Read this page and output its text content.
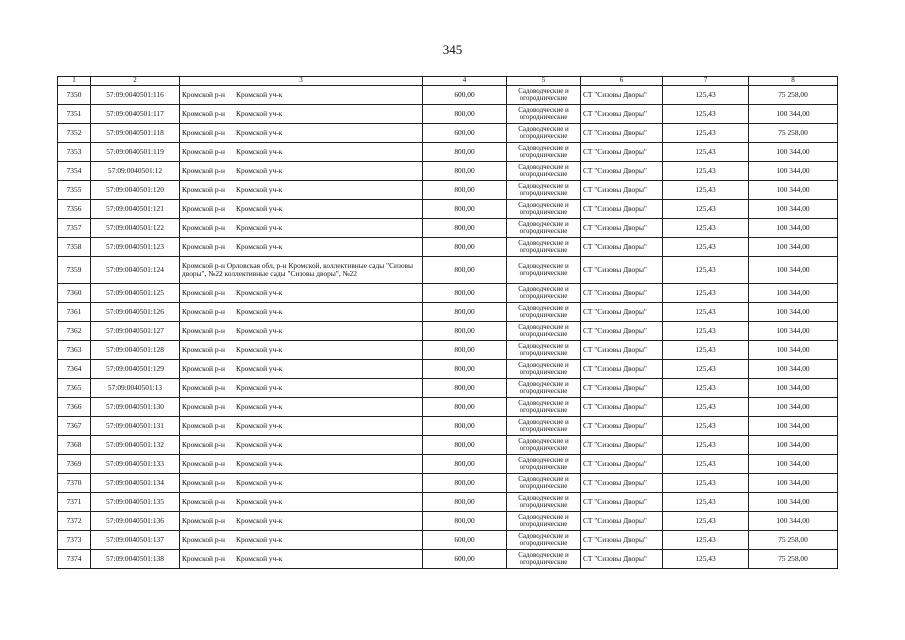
345
1	2	3	4	5	6	7	8
7350	57:09:0040501:116	Кромской р-н      Кромской уч-к	600,00	Садоводческие и огороднические	СТ "Сизовы Дворы"	125,43	75 258,00
7351	57:09:0040501:117	Кромской р-н      Кромской уч-к	800,00	Садоводческие и огороднические	СТ "Сизовы Дворы"	125,43	100 344,00
7352	57:09:0040501:118	Кромской р-н      Кромской уч-к	600,00	Садоводческие и огороднические	СТ "Сизовы Дворы"	125,43	75 258,00
7353	57:09:0040501:119	Кромской р-н      Кромской уч-к	800,00	Садоводческие и огороднические	СТ "Сизовы Дворы"	125,43	100 344,00
7354	57:09:0040501:12	Кромской р-н      Кромской уч-к	800,00	Садоводческие и огороднические	СТ "Сизовы Дворы"	125,43	100 344,00
7355	57:09:0040501:120	Кромской р-н      Кромской уч-к	800,00	Садоводческие и огороднические	СТ "Сизовы Дворы"	125,43	100 344,00
7356	57:09:0040501:121	Кромской р-н      Кромской уч-к	800,00	Садоводческие и огороднические	СТ "Сизовы Дворы"	125,43	100 344,00
7357	57:09:0040501:122	Кромской р-н      Кромской уч-к	800,00	Садоводческие и огороднические	СТ "Сизовы Дворы"	125,43	100 344,00
7358	57:09:0040501:123	Кромской р-н      Кромской уч-к	800,00	Садоводческие и огороднические	СТ "Сизовы Дворы"	125,43	100 344,00
7359	57:09:0040501:124	Кромской р-н Орловская обл, р-н Кромской, коллективные сады "Сизовы дворы", №22 коллективные сады "Сизовы дворы", №22	800,00	Садоводческие и огороднические	СТ "Сизовы Дворы"	125,43	100 344,00
7360	57:09:0040501:125	Кромской р-н      Кромской уч-к	800,00	Садоводческие и огороднические	СТ "Сизовы Дворы"	125,43	100 344,00
7361	57:09:0040501:126	Кромской р-н      Кромской уч-к	800,00	Садоводческие и огороднические	СТ "Сизовы Дворы"	125,43	100 344,00
7362	57:09:0040501:127	Кромской р-н      Кромской уч-к	800,00	Садоводческие и огороднические	СТ "Сизовы Дворы"	125,43	100 344,00
7363	57:09:0040501:128	Кромской р-н      Кромской уч-к	800,00	Садоводческие и огороднические	СТ "Сизовы Дворы"	125,43	100 344,00
7364	57:09:0040501:129	Кромской р-н      Кромской уч-к	800,00	Садоводческие и огороднические	СТ "Сизовы Дворы"	125,43	100 344,00
7365	57:09:0040501:13	Кромской р-н      Кромской уч-к	800,00	Садоводческие и огороднические	СТ "Сизовы Дворы"	125,43	100 344,00
7366	57:09:0040501:130	Кромской р-н      Кромской уч-к	800,00	Садоводческие и огороднические	СТ "Сизовы Дворы"	125,43	100 344,00
7367	57:09:0040501:131	Кромской р-н      Кромской уч-к	800,00	Садоводческие и огороднические	СТ "Сизовы Дворы"	125,43	100 344,00
7368	57:09:0040501:132	Кромской р-н      Кромской уч-к	800,00	Садоводческие и огороднические	СТ "Сизовы Дворы"	125,43	100 344,00
7369	57:09:0040501:133	Кромской р-н      Кромской уч-к	800,00	Садоводческие и огороднические	СТ "Сизовы Дворы"	125,43	100 344,00
7370	57:09:0040501:134	Кромской р-н      Кромской уч-к	800,00	Садоводческие и огороднические	СТ "Сизовы Дворы"	125,43	100 344,00
7371	57:09:0040501:135	Кромской р-н      Кромской уч-к	800,00	Садоводческие и огороднические	СТ "Сизовы Дворы"	125,43	100 344,00
7372	57:09:0040501:136	Кромской р-н      Кромской уч-к	800,00	Садоводческие и огороднические	СТ "Сизовы Дворы"	125,43	100 344,00
7373	57:09:0040501:137	Кромской р-н      Кромской уч-к	600,00	Садоводческие и огороднические	СТ "Сизовы Дворы"	125,43	75 258,00
7374	57:09:0040501:138	Кромской р-н      Кромской уч-к	600,00	Садоводческие и огороднические	СТ "Сизовы Дворы"	125,43	75 258,00
